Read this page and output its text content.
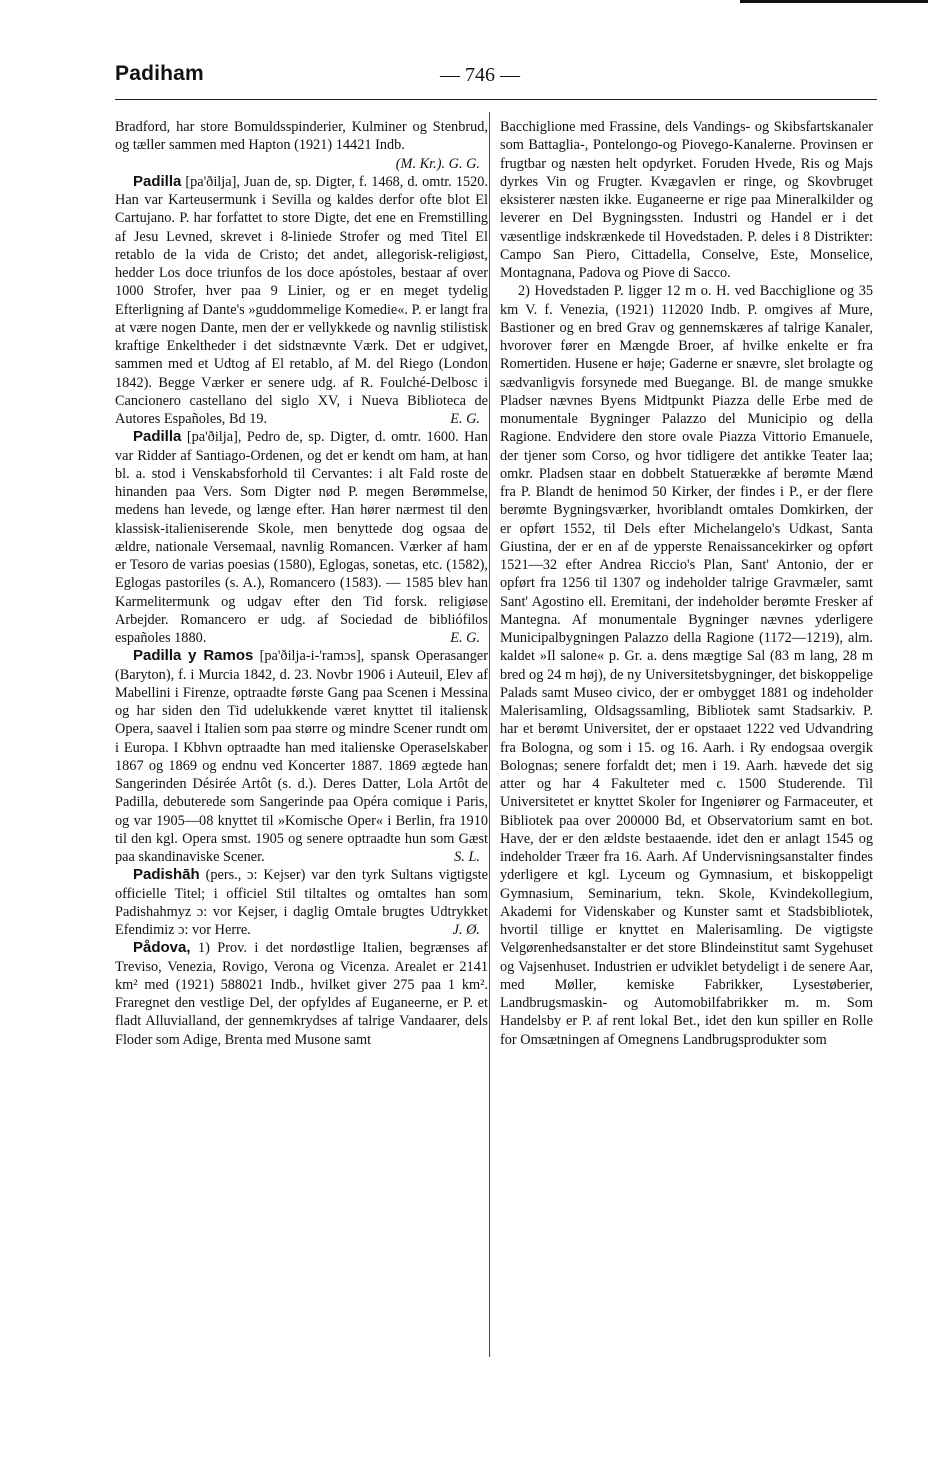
Padiham	— 746 —

Bradford, har store Bomuldsspinderier, Kulminer og Stenbrud, og tæller sammen med Hapton (1921) 14421 Indb.
(M. Kr.). G. G.

Padilla [pa'ðilja], Juan de, sp. Digter, f. 1468, d. omtr. 1520. Han var Karteusermunk i Sevilla og kaldes derfor ofte blot El Cartujano. P. har forfattet to store Digte, det ene en Fremstilling af Jesu Levned, skrevet i 8-liniede Strofer og med Titel El retablo de la vida de Cristo; det andet, allegorisk-religiøst, hedder Los doce triunfos de los doce apóstoles, bestaar af over 1000 Strofer, hver paa 9 Linier, og er en meget tydelig Efterligning af Dante's »guddommelige Komedie«. P. er langt fra at være nogen Dante, men der er vellykkede og navnlig stilistisk kraftige Enkeltheder i det sidstnævnte Værk. Det er udgivet, sammen med et Udtog af El retablo, af M. del Riego (London 1842). Begge Værker er senere udg. af R. Foulché-Delbosc i Cancionero castellano del siglo XV, i Nueva Biblioteca de Autores Españoles, Bd 19.	E. G.

Padilla [pa'ðilja], Pedro de, sp. Digter, d. omtr. 1600. Han var Ridder af Santiago-Ordenen, og det er kendt om ham, at han bl. a. stod i Venskabsforhold til Cervantes: i alt Fald roste de hinanden paa Vers. Som Digter nød P. megen Berømmelse, medens han levede, og længe efter. Han hører nærmest til den klassisk-italieniserende Skole, men benyttede dog ogsaa de ældre, nationale Versemaal, navnlig Romancen. Værker af ham er Tesoro de varias poesias (1580), Eglogas, sonetas, etc. (1582), Eglogas pastoriles (s. A.), Romancero (1583). — 1585 blev han Karmelitermunk og udgav efter den Tid forsk. religiøse Arbejder. Romancero er udg. af Sociedad de bibliófilos españoles 1880.	E. G.

Padilla y Ramos [pa'ðilja-i-'ramɔs], spansk Operasanger (Baryton), f. i Murcia 1842, d. 23. Novbr 1906 i Auteuil, Elev af Mabellini i Firenze, optraadte første Gang paa Scenen i Messina og har siden den Tid udelukkende været knyttet til italiensk Opera, saavel i Italien som paa større og mindre Scener rundt om i Europa. I Kbhvn optraadte han med italienske Operaselskaber 1867 og 1869 og endnu ved Koncerter 1887. 1869 ægtede han Sangerinden Désirée Artôt (s. d.). Deres Datter, Lola Artôt de Padilla, debuterede som Sangerinde paa Opéra comique i Paris, og var 1905—08 knyttet til »Komische Oper« i Berlin, fra 1910 til den kgl. Opera smst. 1905 og senere optraadte hun som Gæst paa skandinaviske Scener.	S. L.

Padishāh (pers., ɔ: Kejser) var den tyrk Sultans vigtigste officielle Titel; i officiel Stil tiltaltes og omtaltes han som Padishahmyz ɔ: vor Kejser, i daglig Omtale brugtes Udtrykket Efendimiz ɔ: vor Herre.	J. Ø.

Pådova, 1) Prov. i det nordøstlige Italien, begrænses af Treviso, Venezia, Rovigo, Verona og Vicenza. Arealet er 2141 km² med (1921) 588021 Indb., hvilket giver 275 paa 1 km². Fraregnet den vestlige Del, der opfyldes af Euganeerne, er P. et fladt Alluvialland, der gennemkrydses af talrige Vandaarer, dels Floder som Adige, Brenta med Musone samt

Bacchiglione med Frassine, dels Vandings- og Skibsfartskanaler som Battaglia-, Pontelongo-og Piovego-Kanalerne. Provinsen er frugtbar og næsten helt opdyrket. Foruden Hvede, Ris og Majs dyrkes Vin og Frugter. Kvægavlen er ringe, og Skovbruget eksisterer næsten ikke. Euganeerne er rige paa Mineralkilder og leverer en Del Bygningssten. Industri og Handel er i det væsentlige indskrænkede til Hovedstaden. P. deles i 8 Distrikter: Campo San Piero, Cittadella, Conselve, Este, Monselice, Montagnana, Padova og Piove di Sacco.

2) Hovedstaden P. ligger 12 m o. H. ved Bacchiglione og 35 km V. f. Venezia, (1921) 112020 Indb. P. omgives af Mure, Bastioner og en bred Grav og gennemskæres af talrige Kanaler, hvorover fører en Mængde Broer, af hvilke enkelte er fra Romertiden. Husene er høje; Gaderne er snævre, slet brolagte og sædvanligvis forsynede med Buegange. Bl. de mange smukke Pladser nævnes Byens Midtpunkt Piazza delle Erbe med de monumentale Bygninger Palazzo del Municipio og della Ragione. Endvidere den store ovale Piazza Vittorio Emanuele, der tjener som Corso, og hvor tidligere det antikke Teater laa; omkr. Pladsen staar en dobbelt Statuerække af berømte Mænd fra P. Blandt de henimod 50 Kirker, der findes i P., er der flere berømte Bygningsværker, hvoriblandt omtales Domkirken, der er opført 1552, til Dels efter Michelangelo's Udkast, Santa Giustina, der er en af de ypperste Renaissancekirker og opført 1521—32 efter Andrea Riccio's Plan, Sant' Antonio, der er opført fra 1256 til 1307 og indeholder talrige Gravmæler, samt Sant' Agostino ell. Eremitani, der indeholder berømte Fresker af Mantegna. Af monumentale Bygninger nævnes yderligere Municipalbygningen Palazzo della Ragione (1172—1219), alm. kaldet »Il salone« p. Gr. a. dens mægtige Sal (83 m lang, 28 m bred og 24 m høj), de ny Universitetsbygninger, det biskoppelige Palads samt Museo civico, der er ombygget 1881 og indeholder Malerisamling, Oldsagssamling, Bibliotek samt Stadsarkiv. P. har et berømt Universitet, der er opstaaet 1222 ved Udvandring fra Bologna, og som i 15. og 16. Aarh. i Ry endogsaa overgik Bolognas; senere forfaldt det; men i 19. Aarh. hævede det sig atter og har 4 Fakulteter med c. 1500 Studerende. Til Universitetet er knyttet Skoler for Ingeniører og Farmaceuter, et Bibliotek paa over 200000 Bd, et Observatorium samt en bot. Have, der er den ældste bestaaende. idet den er anlagt 1545 og indeholder Træer fra 16. Aarh. Af Undervisningsanstalter findes yderligere et kgl. Lyceum og Gymnasium, et biskoppeligt Gymnasium, Seminarium, tekn. Skole, Kvindekollegium, Akademi for Videnskaber og Kunster samt et Stadsbibliotek, hvortil tillige er knyttet en Malerisamling. De vigtigste Velgørenhedsanstalter er det store Blindeinstitut samt Sygehuset og Vajsenhuset. Industrien er udviklet betydeligt i de senere Aar, med Møller, kemiske Fabrikker, Lysestøberier, Landbrugsmaskin- og Automobilfabrikker m. m. Som Handelsby er P. af rent lokal Bet., idet den kun spiller en Rolle for Omsætningen af Omegnens Landbrugsprodukter som
